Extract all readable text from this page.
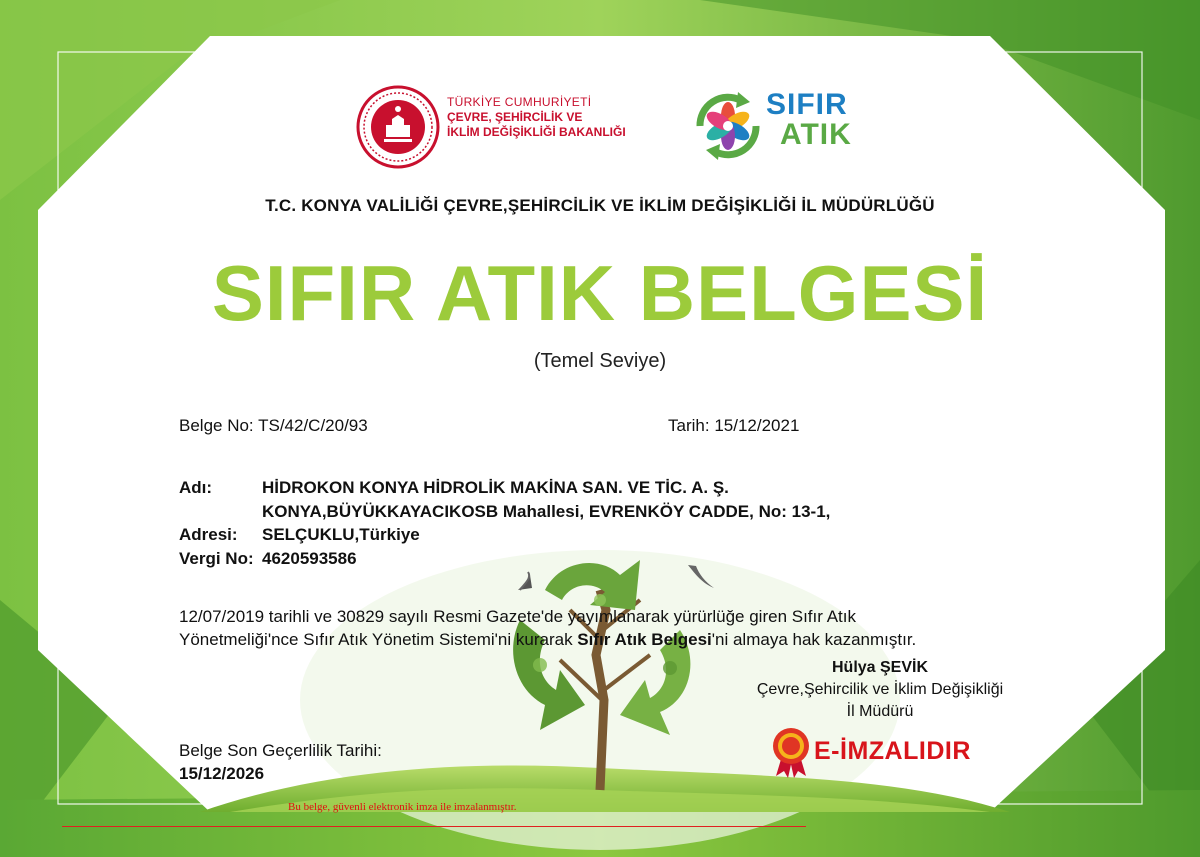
TÜRKİYE CUMHURİYETİ
ÇEVRE, ŞEHİRCİLİK VE
İKLİM DEĞİŞİKLİĞİ BAKANLIĞI
SIFIR
ATIK
T.C. KONYA VALİLİĞİ ÇEVRE,ŞEHİRCİLİK VE İKLİM DEĞİŞİKLİĞİ İL MÜDÜRLÜĞÜ
SIFIR ATIK BELGESİ
(Temel Seviye)
Belge No: TS/42/C/20/93	Tarih: 15/12/2021
Adı:	HİDROKON KONYA HİDROLİK MAKİNA SAN. VE TİC. A. Ş.
KONYA,BÜYÜKKAYACIKOSB Mahallesi, EVRENKÖY CADDE, No: 13-1,
Adresi: SELÇUKLU,Türkiye
Vergi No: 4620593586
12/07/2019 tarihli ve 30829 sayılı Resmi Gazete'de yayımlanarak yürürlüğe giren Sıfır Atık
Yönetmeliği'nce Sıfır Atık Yönetim Sistemi'ni kurarak Sıfır Atık Belgesi'ni almaya hak kazanmıştır.
Hülya ŞEVİK
Çevre,Şehircilik ve İklim Değişikliği
İl Müdürü
E-İMZALIDIR
Belge Son Geçerlilik Tarihi:
15/12/2026
Bu belge, güvenli elektronik imza ile imzalanmıştır.
